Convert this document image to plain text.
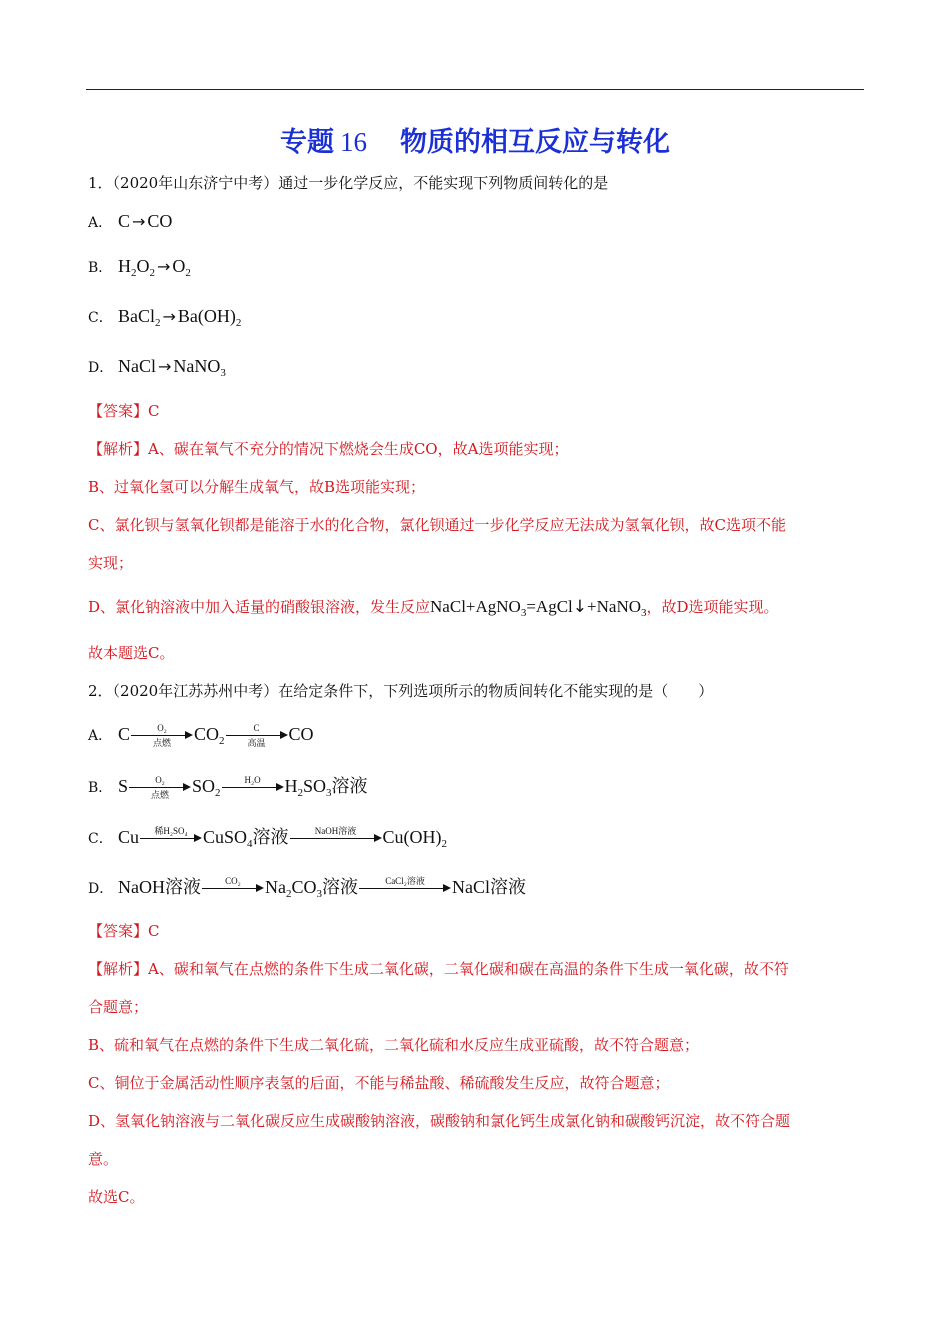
专题 16　 物质的相互反应与转化
1．（2020年山东济宁中考）通过一步化学反应，不能实现下列物质间转化的是
A． C → CO
B． $H_2O_2 \to O_2$
C． BaCl$_2$ → $Ba(OH)_2$
D． NaCl → NaNO$_3$
【答案】C
【解析】A、碳在氧气不充分的情况下燃烧会生成CO，故A选项能实现；
B、过氧化氢可以分解生成氧气，故B选项能实现；
C、氯化钡与氢氧化钡都是能溶于水的化合物，氯化钡通过一步化学反应无法成为氢氧化钡，故C选项不能
实现；
D、氯化钠溶液中加入适量的硝酸银溶液，发生反应NaCl+AgNO$_3$=AgCl↓+NaNO$_3$，故D选项能实现。
故本题选C。
2．（2020年江苏苏州中考）在给定条件下，下列选项所示的物质间转化不能实现的是（　　）
A． C	O₂
点燃	$CO_2$
C
高温	CO
B． S	O₂
点燃	$SO_2$
H₂O	$H_2SO_3$溶液
C． Cu	稀H₂SO₄ CuSO$_4$溶液	NaOH溶液	$Cu(OH)_2$
D． NaOH溶液	CO₂	$Na_2CO_3$溶液	CaCl₂溶液	NaCl溶液
【答案】C
【解析】A、碳和氧气在点燃的条件下生成二氧化碳，二氧化碳和碳在高温的条件下生成一氧化碳，故不符
合题意；
B、硫和氧气在点燃的条件下生成二氧化硫，二氧化硫和水反应生成亚硫酸，故不符合题意；
C、铜位于金属活动性顺序表氢的后面，不能与稀盐酸、稀硫酸发生反应，故符合题意；
D、氢氧化钠溶液与二氧化碳反应生成碳酸钠溶液，碳酸钠和氯化钙生成氯化钠和碳酸钙沉淀，故不符合题
意。
故选C。
